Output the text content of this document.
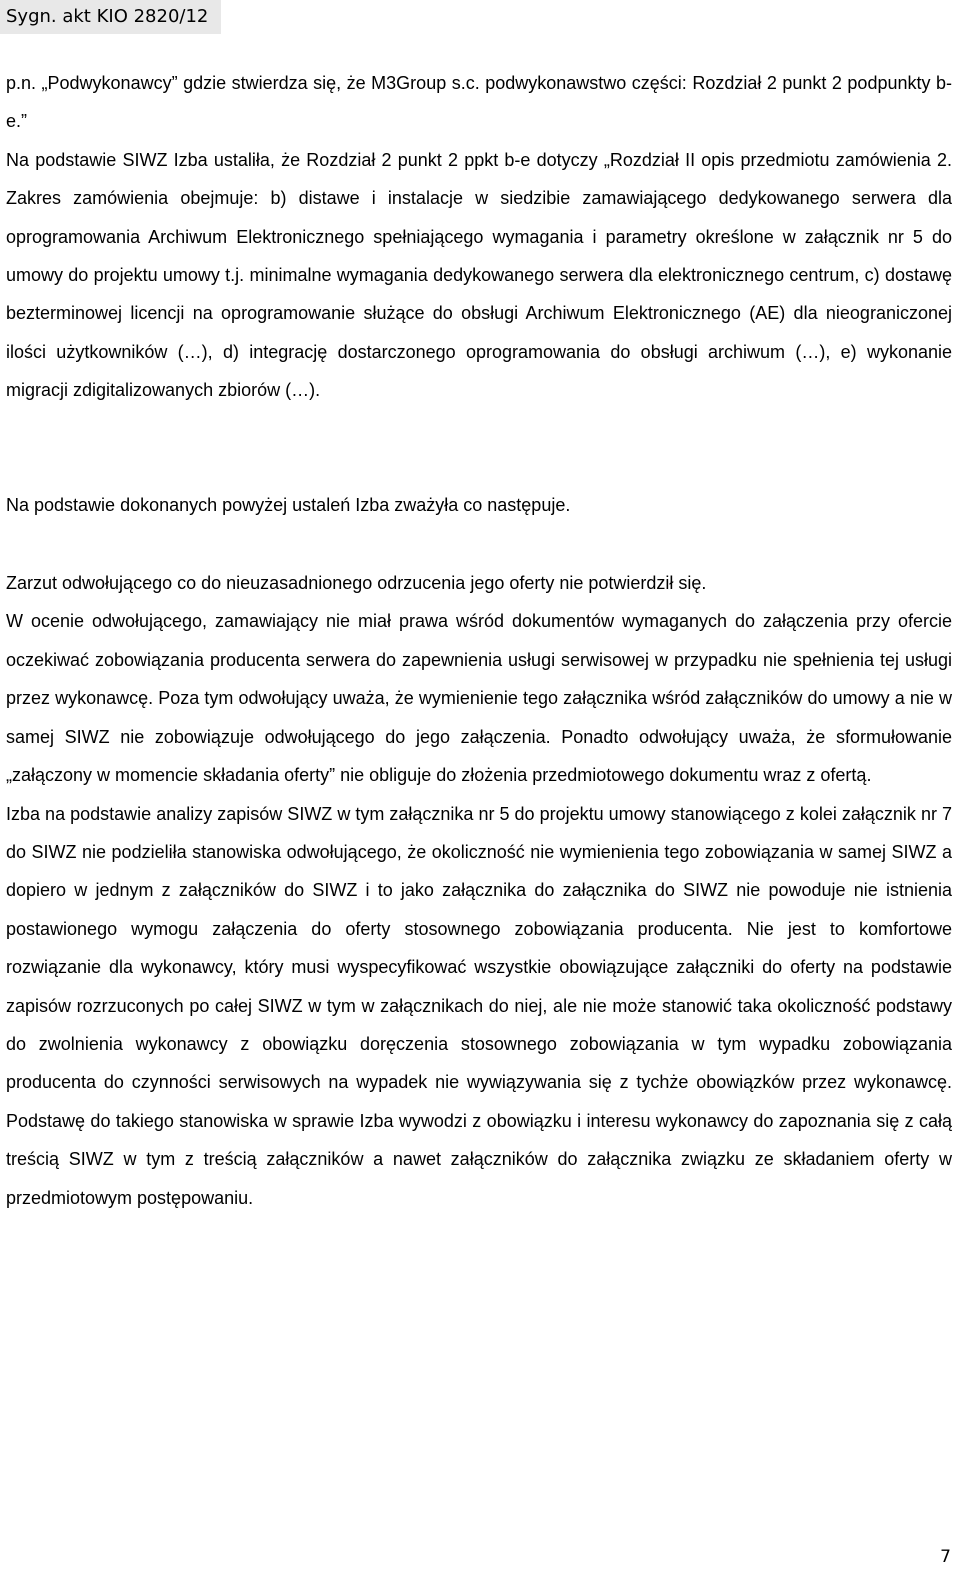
Sygn. akt KIO 2820/12

p.n. „Podwykonawcy” gdzie stwierdza się, że M3Group s.c. podwykonawstwo części: Rozdział 2 punkt 2 podpunkty b-e.”

Na podstawie SIWZ Izba ustaliła, że Rozdział 2 punkt 2 ppkt b-e dotyczy „Rozdział II opis przedmiotu zamówienia 2. Zakres zamówienia obejmuje: b) distawe i instalacje w siedzibie zamawiającego dedykowanego serwera dla oprogramowania Archiwum Elektronicznego spełniającego wymagania i parametry określone w załącznik nr 5 do umowy do projektu umowy t.j. minimalne wymagania dedykowanego serwera dla elektronicznego centrum, c) dostawę bezterminowej licencji na oprogramowanie służące do obsługi Archiwum Elektronicznego (AE) dla nieograniczonej ilości użytkowników (…), d) integrację dostarczonego oprogramowania do obsługi archiwum (…), e) wykonanie migracji zdigitalizowanych zbiorów (…).

Na podstawie dokonanych powyżej ustaleń Izba zważyła co następuje.

Zarzut odwołującego co do nieuzasadnionego odrzucenia jego oferty nie potwierdził się.

W ocenie odwołującego, zamawiający nie miał prawa wśród dokumentów wymaganych do załączenia przy ofercie oczekiwać zobowiązania producenta serwera do zapewnienia usługi serwisowej w przypadku nie spełnienia tej usługi przez wykonawcę. Poza tym odwołujący uważa, że wymienienie tego załącznika wśród załączników do umowy a nie w samej SIWZ nie zobowiązuje odwołującego do jego załączenia. Ponadto odwołujący uważa, że sformułowanie „załączony w momencie składania oferty” nie obliguje do złożenia przedmiotowego dokumentu wraz z ofertą.

Izba na podstawie analizy zapisów SIWZ w tym załącznika nr 5 do projektu umowy stanowiącego z kolei załącznik nr 7 do SIWZ nie podzieliła stanowiska odwołującego, że okoliczność nie wymienienia tego zobowiązania w samej SIWZ a dopiero w jednym z załączników do SIWZ i to jako załącznika do załącznika do SIWZ nie powoduje nie istnienia postawionego wymogu załączenia do oferty stosownego zobowiązania producenta. Nie jest to komfortowe rozwiązanie dla wykonawcy, który musi wyspecyfikować wszystkie obowiązujące załączniki do oferty na podstawie zapisów rozrzuconych po całej SIWZ w tym w załącznikach do niej, ale nie może stanowić taka okoliczność podstawy do zwolnienia wykonawcy z obowiązku doręczenia stosownego zobowiązania w tym wypadku zobowiązania producenta do czynności serwisowych na wypadek nie wywiązywania się z tychże obowiązków przez wykonawcę. Podstawę do takiego stanowiska w sprawie Izba wywodzi z obowiązku i interesu wykonawcy do zapoznania się z całą treścią SIWZ w tym z treścią załączników a nawet załączników do załącznika związku ze składaniem oferty w przedmiotowym postępowaniu.

7
